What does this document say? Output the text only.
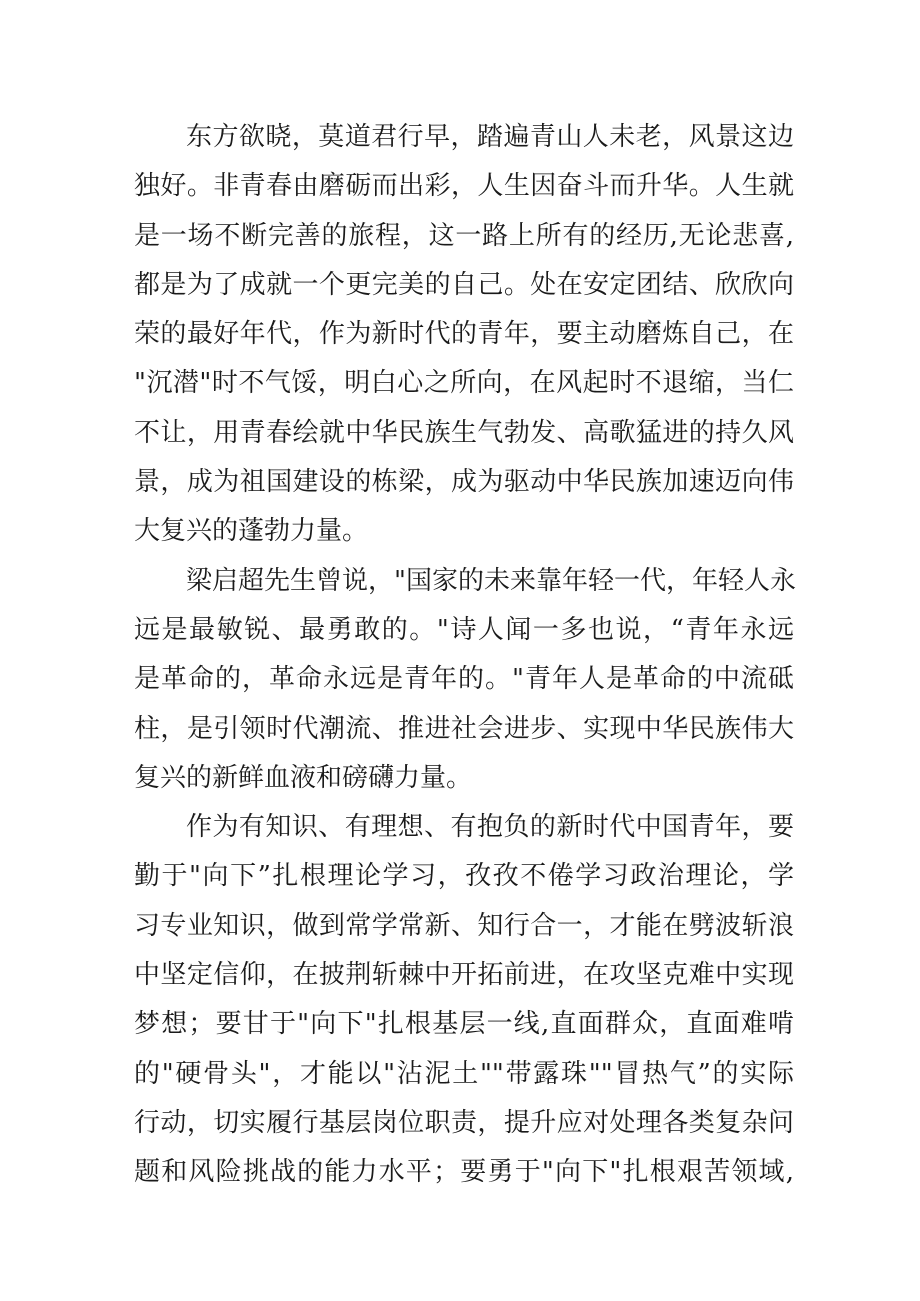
东方欲晓，莫道君行早，踏遍青山人未老，风景这边
独好。非青春由磨砺而出彩，人生因奋斗而升华。人生就
是一场不断完善的旅程，这一路上所有的经历,无论悲喜,
都是为了成就一个更完美的自己。处在安定团结、欣欣向
荣的最好年代，作为新时代的青年，要主动磨炼自己，在
"沉潜"时不气馁，明白心之所向，在风起时不退缩，当仁
不让，用青春绘就中华民族生气勃发、高歌猛进的持久风
景，成为祖国建设的栋梁，成为驱动中华民族加速迈向伟
大复兴的蓬勃力量。
梁启超先生曾说，"国家的未来靠年轻一代，年轻人永
远是最敏锐、最勇敢的。"诗人闻一多也说，“青年永远
是革命的，革命永远是青年的。"青年人是革命的中流砥
柱，是引领时代潮流、推进社会进步、实现中华民族伟大
复兴的新鲜血液和磅礴力量。
作为有知识、有理想、有抱负的新时代中国青年，要
勤于"向下”扎根理论学习，孜孜不倦学习政治理论，学
习专业知识，做到常学常新、知行合一，才能在劈波斩浪
中坚定信仰，在披荆斩棘中开拓前进，在攻坚克难中实现
梦想；要甘于"向下"扎根基层一线,直面群众，直面难啃
的"硬骨头"，才能以"沾泥土""带露珠""冒热气”的实际
行动，切实履行基层岗位职责，提升应对处理各类复杂问
题和风险挑战的能力水平；要勇于"向下"扎根艰苦领域,
